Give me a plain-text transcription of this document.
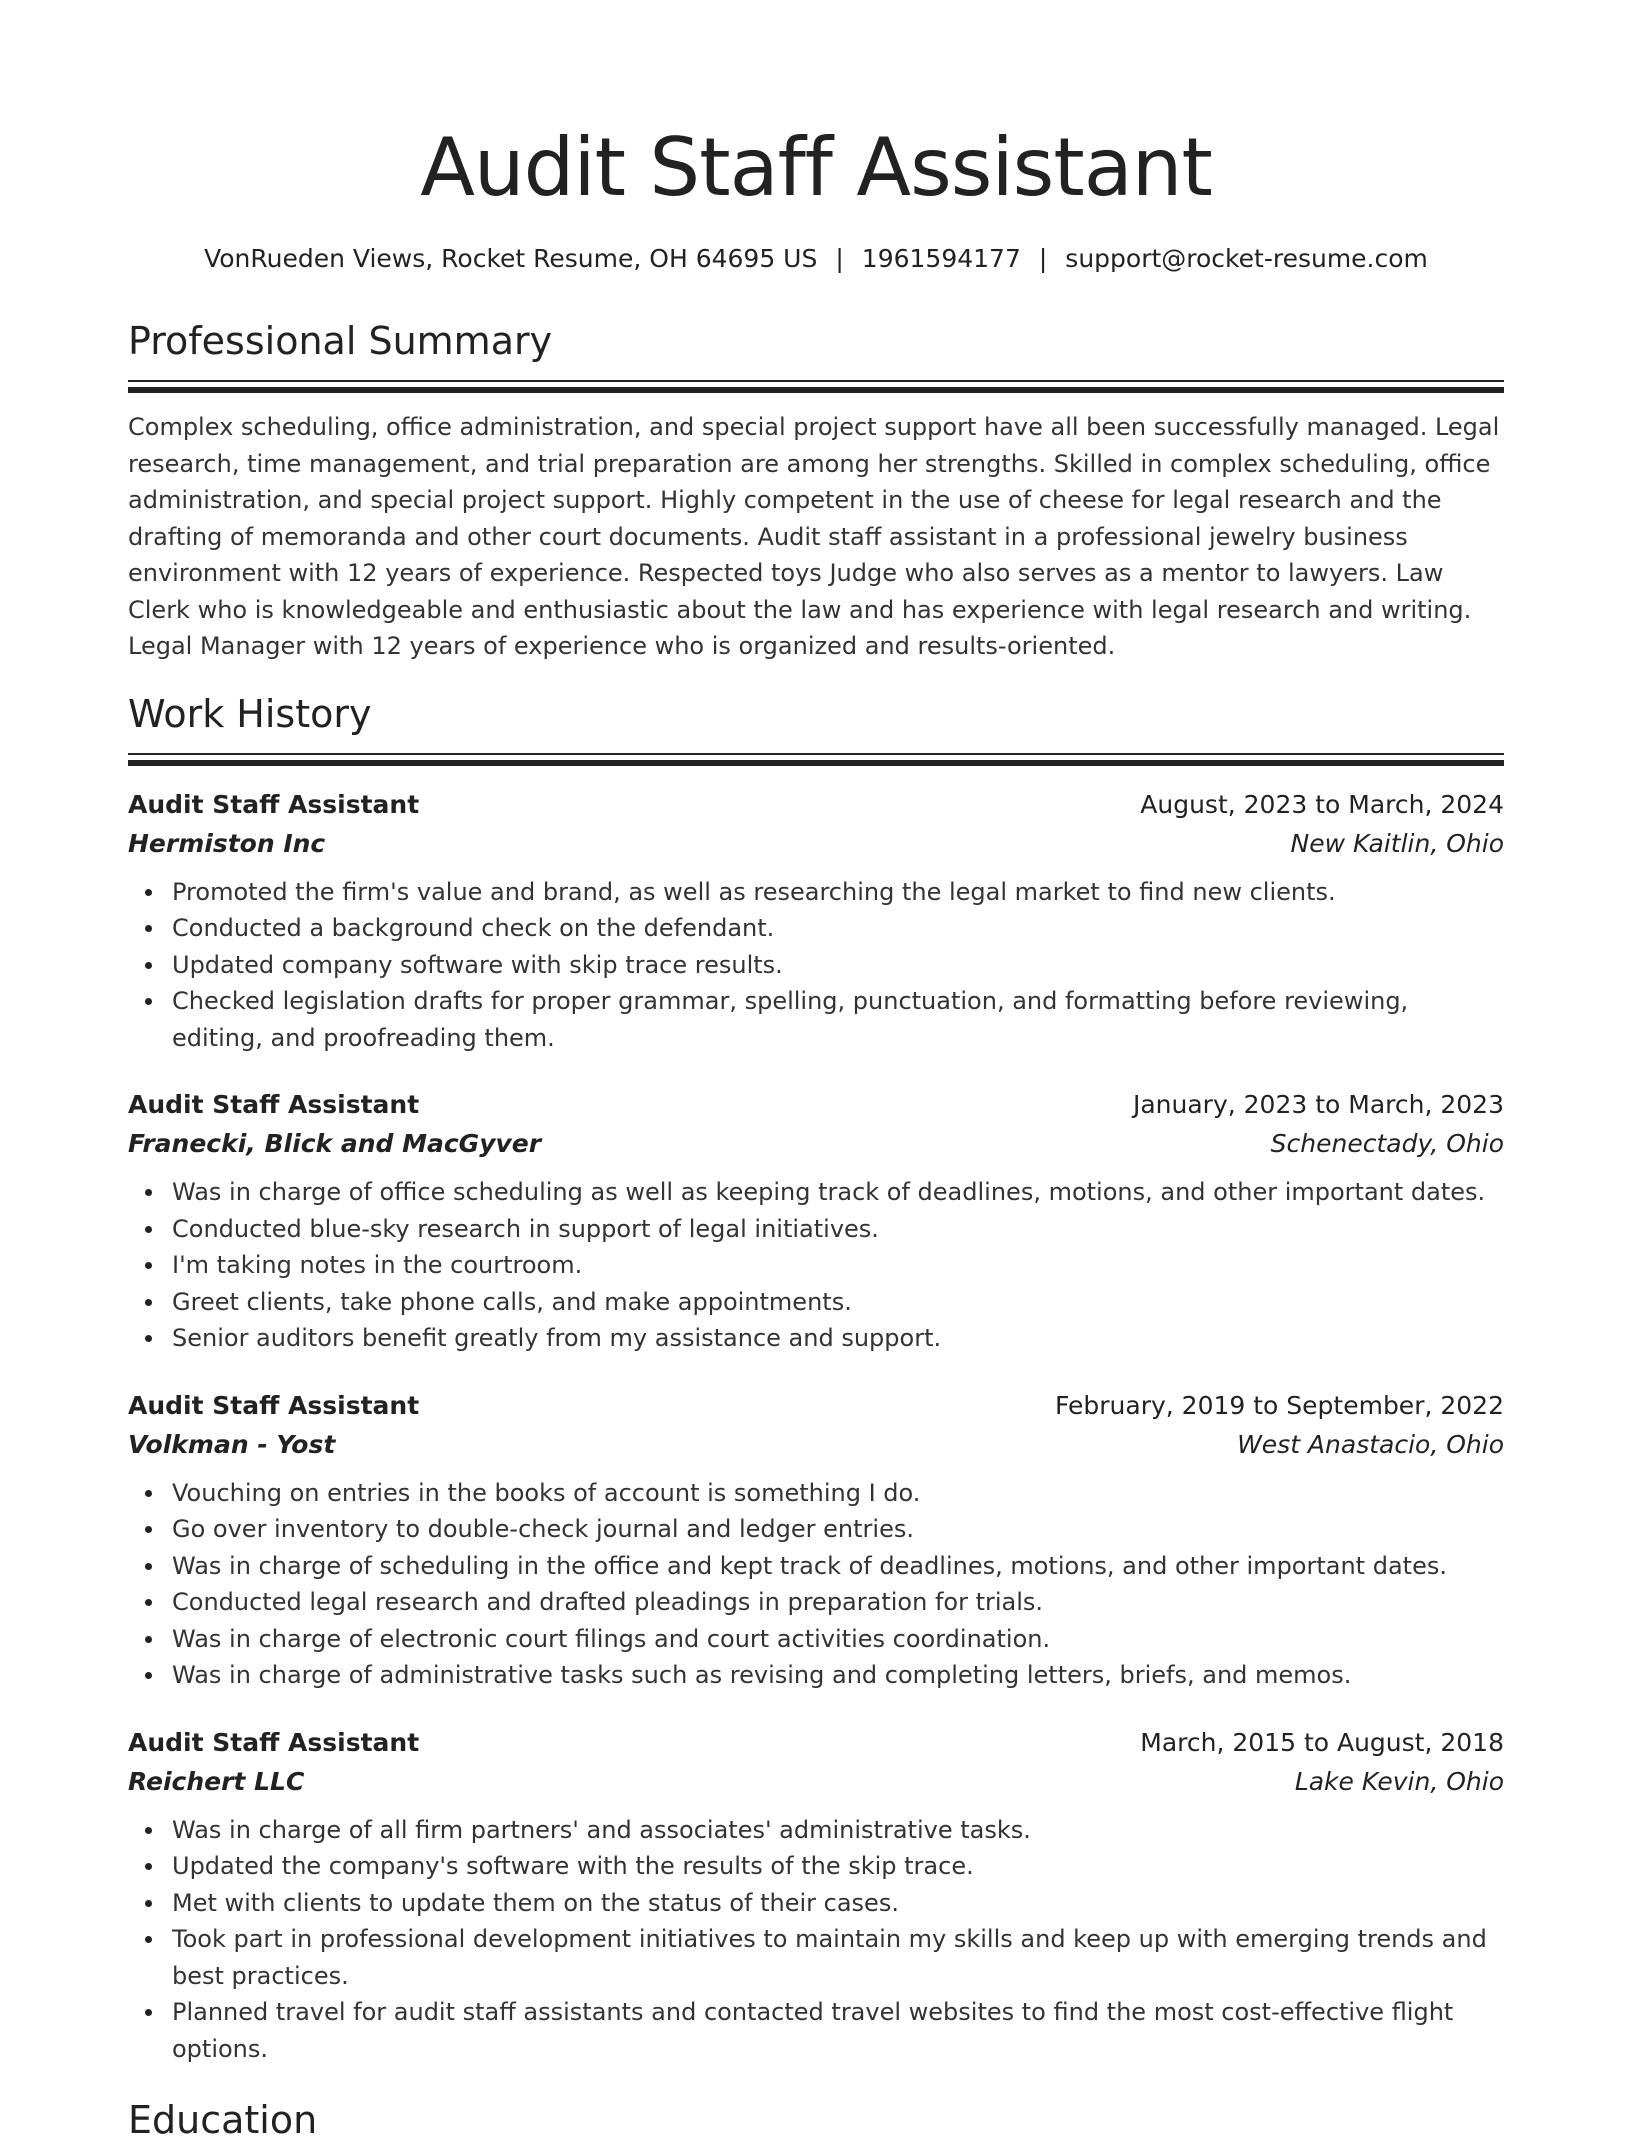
Audit Staff Assistant
VonRueden Views, Rocket Resume, OH 64695 US | 1961594177 | support@rocket-resume.com
Professional Summary

Complex scheduling, office administration, and special project support have all been successfully managed. Legal research, time management, and trial preparation are among her strengths. Skilled in complex scheduling, office administration, and special project support. Highly competent in the use of cheese for legal research and the drafting of memoranda and other court documents. Audit staff assistant in a professional jewelry business environment with 12 years of experience. Respected toys Judge who also serves as a mentor to lawyers. Law Clerk who is knowledgeable and enthusiastic about the law and has experience with legal research and writing. Legal Manager with 12 years of experience who is organized and results-oriented.

Work History
Audit Staff Assistant	August, 2023 to March, 2024
Hermiston Inc	New Kaitlin, Ohio
Promoted the firm's value and brand, as well as researching the legal market to find new clients.
Conducted a background check on the defendant.
Updated company software with skip trace results.
Checked legislation drafts for proper grammar, spelling, punctuation, and formatting before reviewing, editing, and proofreading them.
Audit Staff Assistant	January, 2023 to March, 2023
Franecki, Blick and MacGyver	Schenectady, Ohio
Was in charge of office scheduling as well as keeping track of deadlines, motions, and other important dates.
Conducted blue-sky research in support of legal initiatives.
I'm taking notes in the courtroom.
Greet clients, take phone calls, and make appointments.
Senior auditors benefit greatly from my assistance and support.
Audit Staff Assistant	February, 2019 to September, 2022
Volkman - Yost	West Anastacio, Ohio
Vouching on entries in the books of account is something I do.
Go over inventory to double-check journal and ledger entries.
Was in charge of scheduling in the office and kept track of deadlines, motions, and other important dates.
Conducted legal research and drafted pleadings in preparation for trials.
Was in charge of electronic court filings and court activities coordination.
Was in charge of administrative tasks such as revising and completing letters, briefs, and memos.
Audit Staff Assistant	March, 2015 to August, 2018
Reichert LLC	Lake Kevin, Ohio
Was in charge of all firm partners' and associates' administrative tasks.
Updated the company's software with the results of the skip trace.
Met with clients to update them on the status of their cases.
Took part in professional development initiatives to maintain my skills and keep up with emerging trends and best practices.
Planned travel for audit staff assistants and contacted travel websites to find the most cost-effective flight options.
Education
